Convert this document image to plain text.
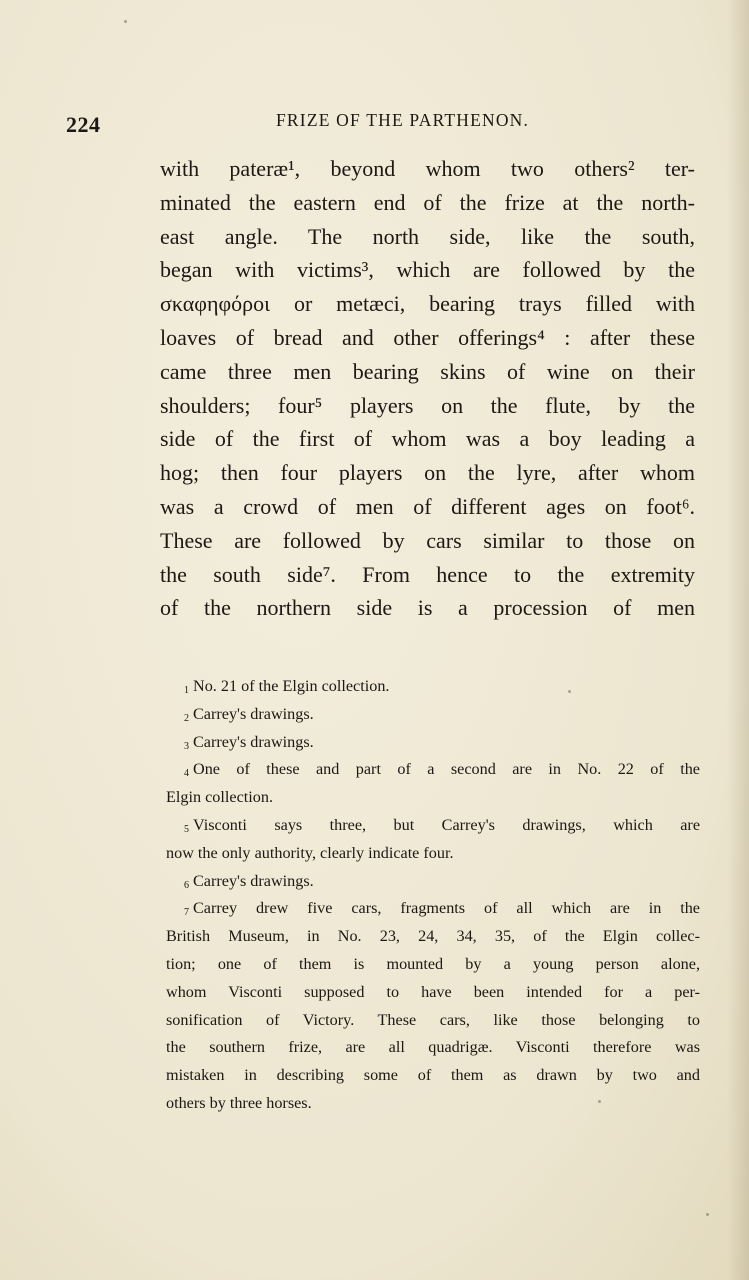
224	FRIZE OF THE PARTHENON.
with pateræ¹, beyond whom two others² ter-
minated the eastern end of the frize at the north-
east angle. The north side, like the south,
began with victims³, which are followed by the
σκαφηφόροι or metæci, bearing trays filled with
loaves of bread and other offerings⁴ : after these
came three men bearing skins of wine on their
shoulders; four⁵ players on the flute, by the
side of the first of whom was a boy leading a
hog; then four players on the lyre, after whom
was a crowd of men of different ages on foot⁶.
These are followed by cars similar to those on
the south side⁷. From hence to the extremity
of the northern side is a procession of men
$^1$ No. 21 of the Elgin collection.
$^2$ Carrey's drawings.
$^3$ Carrey's drawings.
$^4$ One of these and part of a second are in No. 22 of the
Elgin collection.
$^5$ Visconti says three, but Carrey's drawings, which are
now the only authority, clearly indicate four.
$^6$ Carrey's drawings.
$^7$ Carrey drew five cars, fragments of all which are in the
British Museum, in No. 23, 24, 34, 35, of the Elgin collec-
tion; one of them is mounted by a young person alone,
whom Visconti supposed to have been intended for a per-
sonification of Victory. These cars, like those belonging to
the southern frize, are all quadrigæ. Visconti therefore was
mistaken in describing some of them as drawn by two and
others by three horses.
